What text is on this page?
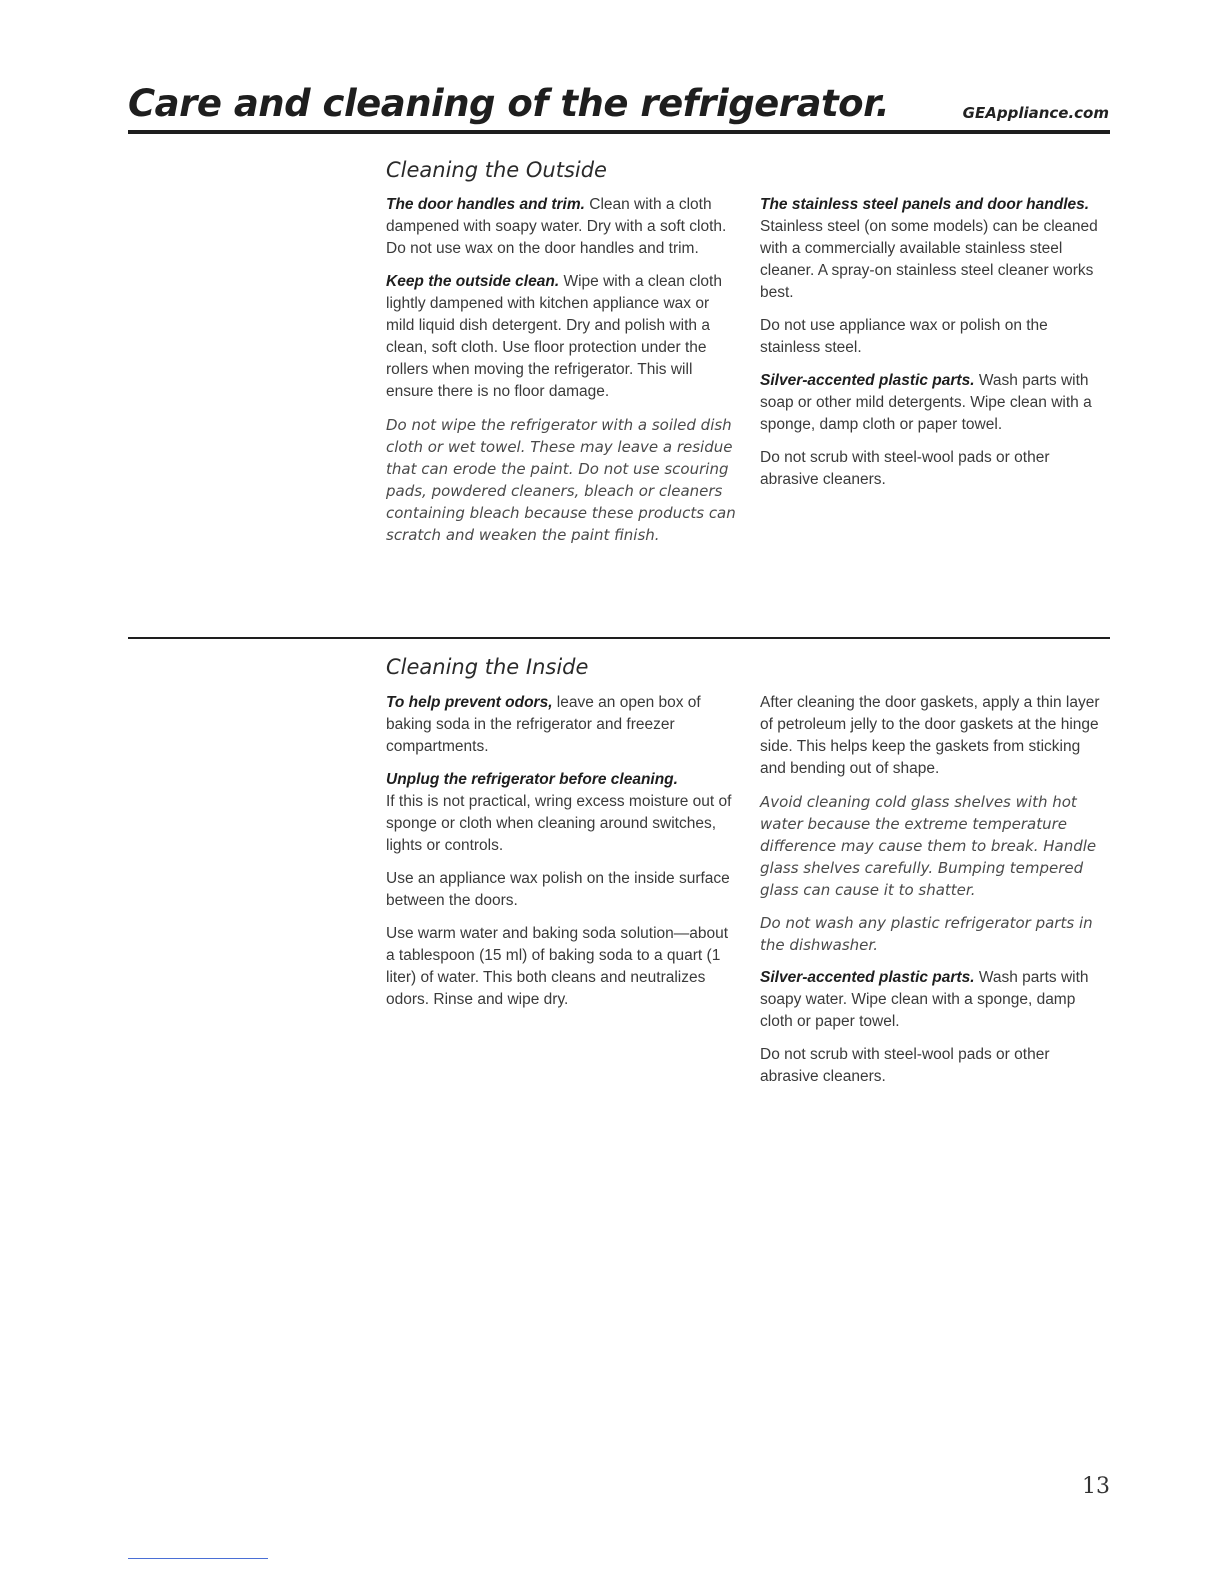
Care and cleaning of the refrigerator.	GEAppliance.com
Cleaning the Outside

The door handles and trim. Clean with a cloth dampened with soapy water. Dry with a soft cloth. Do not use wax on the door handles and trim.

Keep the outside clean. Wipe with a clean cloth lightly dampened with kitchen appliance wax or mild liquid dish detergent. Dry and polish with a clean, soft cloth. Use floor protection under the rollers when moving the refrigerator. This will ensure there is no floor damage.

Do not wipe the refrigerator with a soiled dish cloth or wet towel. These may leave a residue that can erode the paint. Do not use scouring pads, powdered cleaners, bleach or cleaners containing bleach because these products can scratch and weaken the paint finish.

The stainless steel panels and door handles.
Stainless steel (on some models) can be cleaned with a commercially available stainless steel cleaner. A spray-on stainless steel cleaner works best.

Do not use appliance wax or polish on the stainless steel.

Silver-accented plastic parts. Wash parts with soap or other mild detergents. Wipe clean with a sponge, damp cloth or paper towel.

Do not scrub with steel-wool pads or other abrasive cleaners.

Cleaning the Inside

To help prevent odors, leave an open box of baking soda in the refrigerator and freezer compartments.

Unplug the refrigerator before cleaning.
If this is not practical, wring excess moisture out of sponge or cloth when cleaning around switches, lights or controls.

Use an appliance wax polish on the inside surface between the doors.

Use warm water and baking soda solution—about a tablespoon (15 ml) of baking soda to a quart (1 liter) of water. This both cleans and neutralizes odors. Rinse and wipe dry.

After cleaning the door gaskets, apply a thin layer of petroleum jelly to the door gaskets at the hinge side. This helps keep the gaskets from sticking and bending out of shape.

Avoid cleaning cold glass shelves with hot water because the extreme temperature difference may cause them to break. Handle glass shelves carefully. Bumping tempered glass can cause it to shatter.

Do not wash any plastic refrigerator parts in the dishwasher.

Silver-accented plastic parts. Wash parts with soapy water. Wipe clean with a sponge, damp cloth or paper towel.

Do not scrub with steel-wool pads or other abrasive cleaners.

13
